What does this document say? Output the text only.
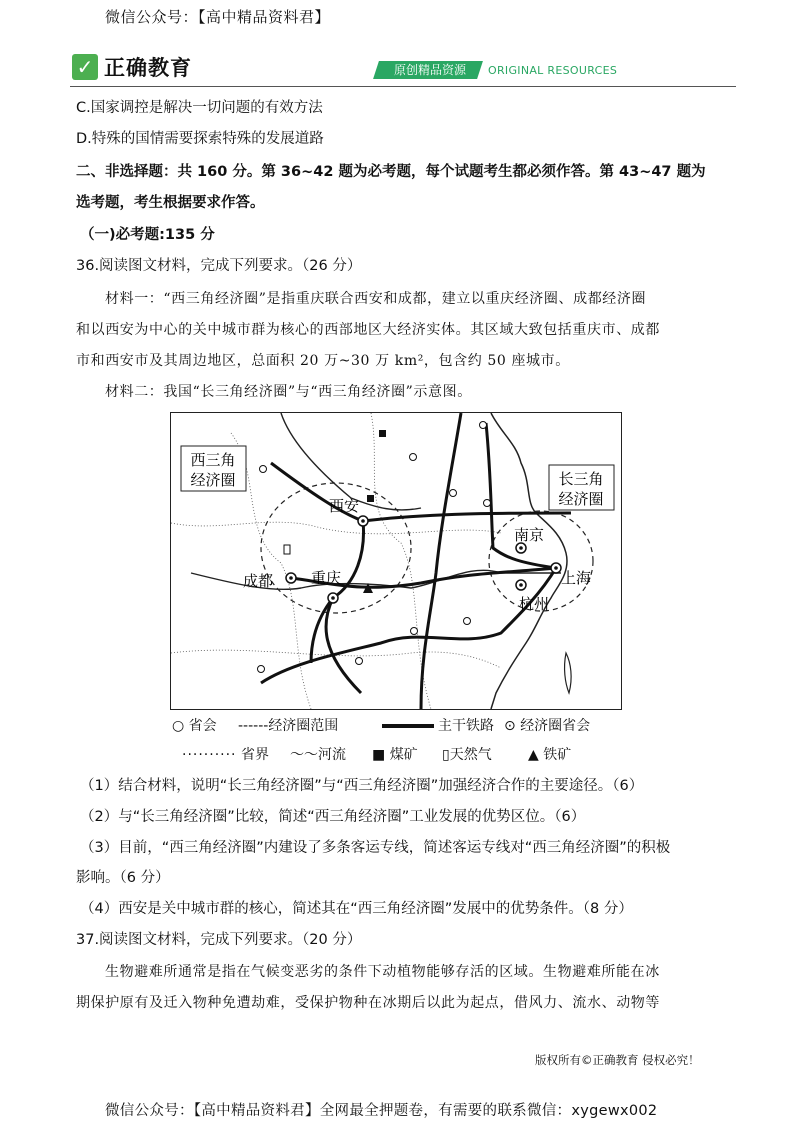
微信公众号：【高中精品资料君】
✓ 正确教育	原创精品资源	ORIGINAL RESOURCES
C.国家调控是解决一切问题的有效方法
D.特殊的国情需要探索特殊的发展道路
二、非选择题：共 160 分。第 36~42 题为必考题，每个试题考生都必须作答。第 43~47 题为
选考题，考生根据要求作答。
（一)必考题:135 分
36.阅读图文材料，完成下列要求。（26 分）
材料一：“西三角经济圈”是指重庆联合西安和成都，建立以重庆经济圈、成都经济圈
和以西安为中心的关中城市群为核心的西部地区大经济实体。其区域大致包括重庆市、成都
市和西安市及其周边地区，总面积 20 万~30 万 km²，包含约 50 座城市。
材料二：我国“长三角经济圈”与“西三角经济圈”示意图。
西三角
经济圈	长三角
经济圈
西安
成都	重庆
南京
上海
杭州
○ 省会 ------经济圈范围	主干铁路 ⊙ 经济圈省会
·········· 省界 〜〜河流 ■ 煤矿 ▯天然气	▲ 铁矿
（1）结合材料，说明“长三角经济圈”与“西三角经济圈”加强经济合作的主要途径。（6）
（2）与“长三角经济圈”比较，简述“西三角经济圈”工业发展的优势区位。（6）
（3）目前，“西三角经济圈”内建设了多条客运专线，简述客运专线对“西三角经济圈”的积极
影响。（6 分）
（4）西安是关中城市群的核心，简述其在“西三角经济圈”发展中的优势条件。（8 分）
37.阅读图文材料，完成下列要求。（20 分）
生物避难所通常是指在气候变恶劣的条件下动植物能够存活的区域。生物避难所能在冰
期保护原有及迁入物种免遭劫难，受保护物种在冰期后以此为起点，借风力、流水、动物等
版权所有©正确教育 侵权必究！
微信公众号：【高中精品资料君】全网最全押题卷，有需要的联系微信：xygewx002
